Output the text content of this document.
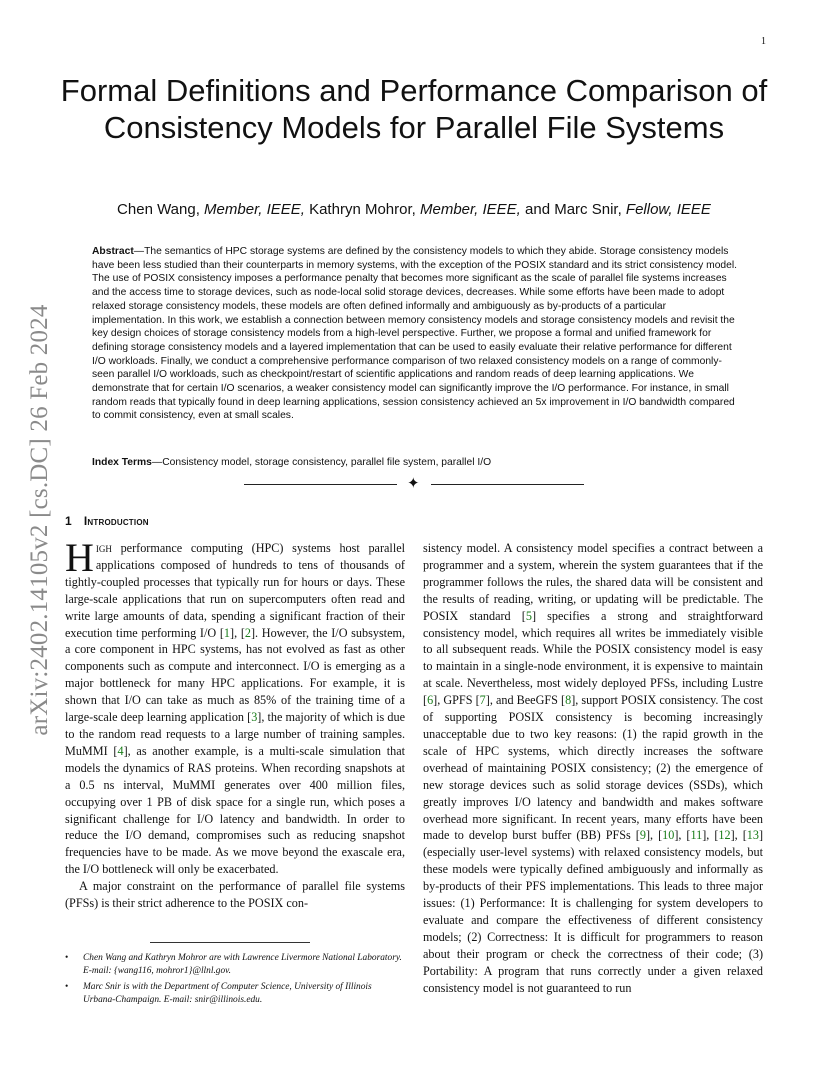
1
arXiv:2402.14105v2 [cs.DC] 26 Feb 2024
Formal Definitions and Performance Comparison of Consistency Models for Parallel File Systems
Chen Wang, Member, IEEE, Kathryn Mohror, Member, IEEE, and Marc Snir, Fellow, IEEE

Abstract—The semantics of HPC storage systems are defined by the consistency models to which they abide. Storage consistency models have been less studied than their counterparts in memory systems, with the exception of the POSIX standard and its strict consistency model. The use of POSIX consistency imposes a performance penalty that becomes more significant as the scale of parallel file systems increases and the access time to storage devices, such as node-local solid storage devices, decreases. While some efforts have been made to adopt relaxed storage consistency models, these models are often defined informally and ambiguously as by-products of a particular implementation. In this work, we establish a connection between memory consistency models and storage consistency models and revisit the key design choices of storage consistency models from a high-level perspective. Further, we propose a formal and unified framework for defining storage consistency models and a layered implementation that can be used to easily evaluate their relative performance for different I/O workloads. Finally, we conduct a comprehensive performance comparison of two relaxed consistency models on a range of commonly-seen parallel I/O workloads, such as checkpoint/restart of scientific applications and random reads of deep learning applications. We demonstrate that for certain I/O scenarios, a weaker consistency model can significantly improve the I/O performance. For instance, in small random reads that typically found in deep learning applications, session consistency achieved an 5x improvement in I/O bandwidth compared to commit consistency, even at small scales.

Index Terms—Consistency model, storage consistency, parallel file system, parallel I/O

✦
1 Introduction

High performance computing (HPC) systems host parallel applications composed of hundreds to tens of thousands of tightly-coupled processes that typically run for hours or days. These large-scale applications that run on supercomputers often read and write large amounts of data, spending a significant fraction of their execution time performing I/O [ 1 ] , [ 2 ] . However, the I/O subsystem, a core component in HPC systems, has not evolved as fast as other components such as compute and interconnect. I/O is emerging as a major bottleneck for many HPC applications. For example, it is shown that I/O can take as much as 85% of the training time of a large-scale deep learning application [ 3 ] , the majority of which is due to the random read requests to a large number of training samples. MuMMI [ 4 ] , as another example, is a multi-scale simulation that models the dynamics of RAS proteins. When recording snapshots at a 0.5 ns interval, MuMMI generates over 400 million files, occupying over 1 PB of disk space for a single run, which poses a significant challenge for I/O latency and bandwidth. In order to reduce the I/O demand, compromises such as reducing snapshot frequencies have to be made. As we move beyond the exascale era, the I/O bottleneck will only be exacerbated.

A major constraint on the performance of parallel file systems (PFSs) is their strict adherence to the POSIX con-

sistency model. A consistency model specifies a contract between a programmer and a system, wherein the system guarantees that if the programmer follows the rules, the shared data will be consistent and the results of reading, writing, or updating will be predictable. The POSIX standard [ 5 ] specifies a strong and straightforward consistency model, which requires all writes be immediately visible to all subsequent reads. While the POSIX consistency model is easy to maintain in a single-node environment, it is expensive to maintain at scale. Nevertheless, most widely deployed PFSs, including Lustre [ 6 ] , GPFS [ 7 ] , and BeeGFS [ 8 ] , support POSIX consistency. The cost of supporting POSIX consistency is becoming increasingly unacceptable due to two key reasons: (1) the rapid growth in the scale of HPC systems, which directly increases the software overhead of maintaining POSIX consistency; (2) the emergence of new storage devices such as solid storage devices (SSDs), which greatly improves I/O latency and bandwidth and makes software overhead more significant. In recent years, many efforts have been made to develop burst buffer (BB) PFSs [ 9 ] , [ 10 ] , [ 11 ] , [ 12 ] , [ 13 ] (especially user-level systems) with relaxed consistency models, but these models were typically defined ambiguously and informally as by-products of their PFS implementations. This leads to three major issues: (1) Performance: It is challenging for system developers to evaluate and compare the effectiveness of different consistency models; (2) Correctness: It is difficult for programmers to reason about their program or check the correctness of their code; (3) Portability: A program that runs correctly under a given relaxed consistency model is not guaranteed to run

• Chen Wang and Kathryn Mohror are with Lawrence Livermore National Laboratory. E-mail: {wang116, mohror1}@llnl.gov.
• Marc Snir is with the Department of Computer Science, University of Illinois Urbana-Champaign. E-mail: snir@illinois.edu.
